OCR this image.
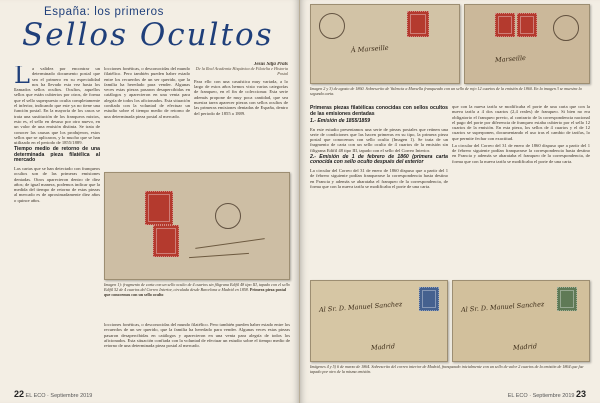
España: los primeros
Sellos Ocultos
L a validez por encontrar un determinado documento postal que sea el primero en su especialidad nos ha llevado esta vez hasta los llamados sellos ocultos. Ocultos, aquellos sellos que están cubiertos por otros, de forma que el sello superpuesto oculta completamente el inferior, indicando que este ya no tiene una función postal. En la mayoría de los casos se trata una sustitución de los franqueos mixtos, esto es, el sello en desuso por otro nuevo, en un valor de una emisión distinta. Se trata de conocer las causas que los produjeron, estos sellos que se aplicaron, y lo mucho que se han utilizado en el periodo de 1855/1889.

Tiempo medio de retorno de una determinada pieza filatélica al mercado

Las cartas que se han detectado con franqueos ocultos son de las primeras emisiones dentadas. Otros aparecieron dentro de diez años; de igual manera, podemos indicar que la medida del tiempo de retorno de estas piezas al mercado es de aproximadamente diez años o quince años.

locciones fonéticas, o desconocidas del mundo filatélico. Pero también pueden haber estado entre los recuerdos de un ser querido, que la familia ha heredado para vender. Algunas veces estas piezas pasaron desapercibidas en catálogos y aparecieron en una venta para alegría de todos los aficionados. Esta situación confiada con la voluntad de efectuar un estudio sobre el tiempo medio de retorno de una determinada pieza postal al mercado.

Jesús Sitjà Prats
De la Real Academia Hispánica de Filatelia e Historia Postal

Para ello con una casuística muy variada, a lo largo de estos años hemos visto varias categorías de franqueo, en el fin de coleccionar. Esta serie además propone de muy poca cantidad, que sea nuestra tarea aparecer piezas con sellos ocultos de las primeras emisiones dentadas de España, dentro del periodo de 1855 a 1889.

Imagen 1): fragmento de carta con un sello oculto de 4 cuartos sin filigrana Edifil 48 tipo III, tapado con el sello Edifil 52 de 4 cuartos del Correo Interior, circulada desde Barcelona a Madrid en 1858. Primera pieza postal que conocemos con un sello oculto

locciones fonéticas, o desconocidas del mundo filatélico. Pero también pueden haber estado entre los recuerdos de un ser querido, que la familia ha heredado para vender. Algunas veces estas piezas pasaron desapercibidas en catálogos y aparecieron en una venta para alegría de todos los aficionados. Esta situación confiada con la voluntad de efectuar un estudio sobre el tiempo medio de retorno de una determinada pieza postal al mercado.

22 EL ECO · Septiembre 2019
À Marseille
Marseille
Imagen 2 y 3) de agosto de 1860. Sobrescrito de Valencia a Marsella franqueado con un sello de rojo 12 cuartos de la emisión de 1860. En la imagen 3 se muestra la segunda carta.
Primeras piezas filatélicas conocidas con sellos ocultos de las emisiones dentadas
1.- Emisión de 1855/1859

En este estudio presentamos una serie de piezas postales que reúnen una serie de condiciones que las hacen primeras en su tipo, la primera pieza postal que conocemos con sello oculto (Imagen 1). Se trata de un fragmento de carta con un sello oculto de 4 cuartos de la emisión sin filigrana Edifil 48 tipo III, tapado con el sello del Correo Interior.

2.- Emisión de 1 de febrero de 1860 (primera carta conocida con sello oculto después del exterior

La circular del Correo del 31 de enero de 1860 dispuso que a partir del 1 de febrero siguiente podían franquearse la correspondencia hasta destino en Francia y además se abarataba el franqueo de la correspondencia, de forma que con la nueva tarifa se modificaba el porte de una carta.

que con la nueva tarifa se modificaba el porte de una carta que con la nueva tarifa a 4 dos cuartos (2,4 reales) de franqueo. Si bien no era obligatorio el franqueo previo, al contrario de la correspondencia nacional el pago del porte por diferencia de franqueo estaba cubierto por el sello 12 cuartos de la emisión. En esta pieza, los sellos de 4 cuartos y el de 12 cuartos se superponen, documentando el uso tras el cambio de tarifas, lo que permite fechar con exactitud.

La circular del Correo del 31 de enero de 1860 dispuso que a partir del 1 de febrero siguiente podían franquearse la correspondencia hasta destino en Francia y además se abarataba el franqueo de la correspondencia, de forma que con la nueva tarifa se modificaba el porte de una carta.

Al Sr. D. Manuel Sanchez
Madrid
Al Sr. D. Manuel Sanchez
Madrid
Imágenes 4 y 5) 6 de marzo de 1864. Sobrescrito del correo interior de Madrid, franqueado inicialmente con un sello de valor 2 cuartos de la emisión de 1864 que fue tapado por otro de la misma emisión.
EL ECO · Septiembre 2019 23
